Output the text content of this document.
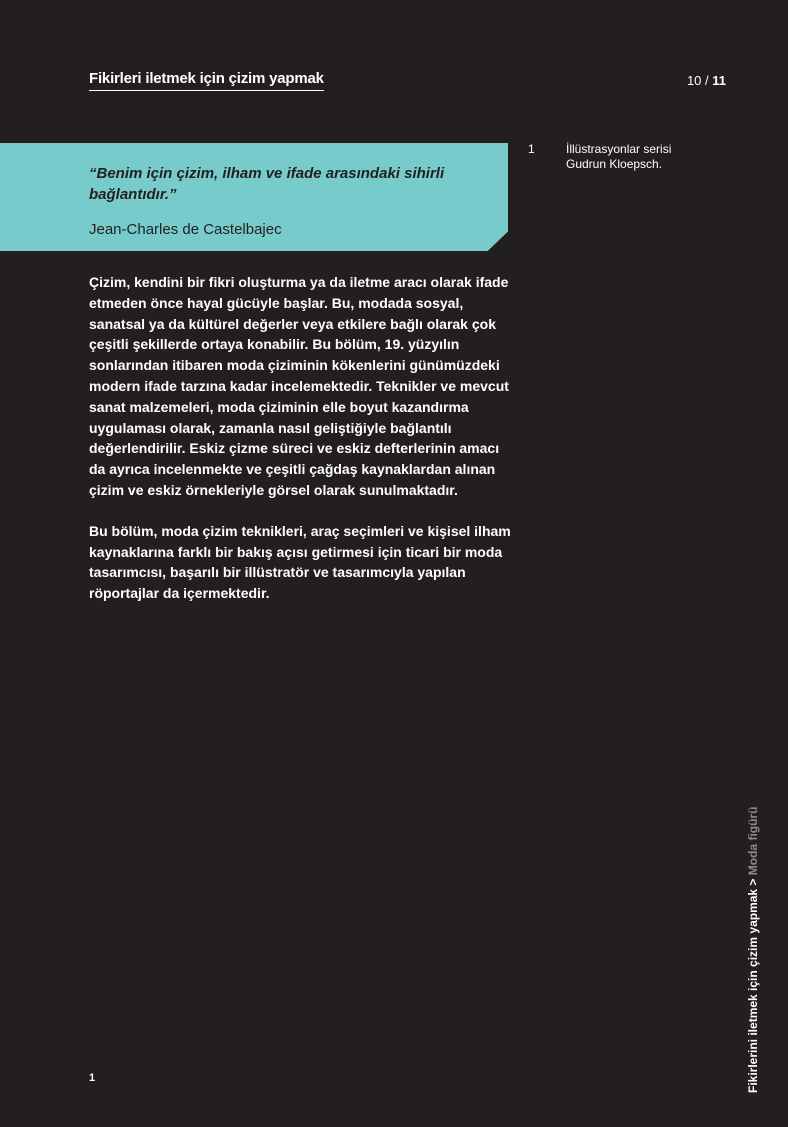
Fikirleri iletmek için çizim yapmak	10 / 11

“Benim için çizim, ilham ve ifade arasındaki sihirli bağlantıdır.”

Jean-Charles de Castelbajec
1	İllüstrasyonlar serisi
Gudrun Kloepsch.

Çizim, kendini bir fikri oluşturma ya da iletme aracı olarak ifade etmeden önce hayal gücüyle başlar. Bu, modada sosyal, sanatsal ya da kültürel değerler veya etkilere bağlı olarak çok çeşitli şekillerde ortaya konabilir. Bu bölüm, 19. yüzyılın sonlarından itibaren moda çiziminin kökenlerini günümüzdeki modern ifade tarzına kadar incelemektedir. Teknikler ve mevcut sanat malzemeleri, moda çiziminin elle boyut kazandırma uygulaması olarak, zamanla nasıl geliştiğiyle bağlantılı değerlendirilir. Eskiz çizme süreci ve eskiz defterlerinin amacı da ayrıca incelenmekte ve çeşitli çağdaş kaynaklardan alınan çizim ve eskiz örnekleriyle görsel olarak sunulmaktadır.

Bu bölüm, moda çizim teknikleri, araç seçimleri ve kişisel ilham kaynaklarına farklı bir bakış açısı getirmesi için ticari bir moda tasarımcısı, başarılı bir illüstratör ve tasarımcıyla yapılan röportajlar da içermektedir.

1	Fikirlerini iletmek için çizim yapmak > Moda figürü
